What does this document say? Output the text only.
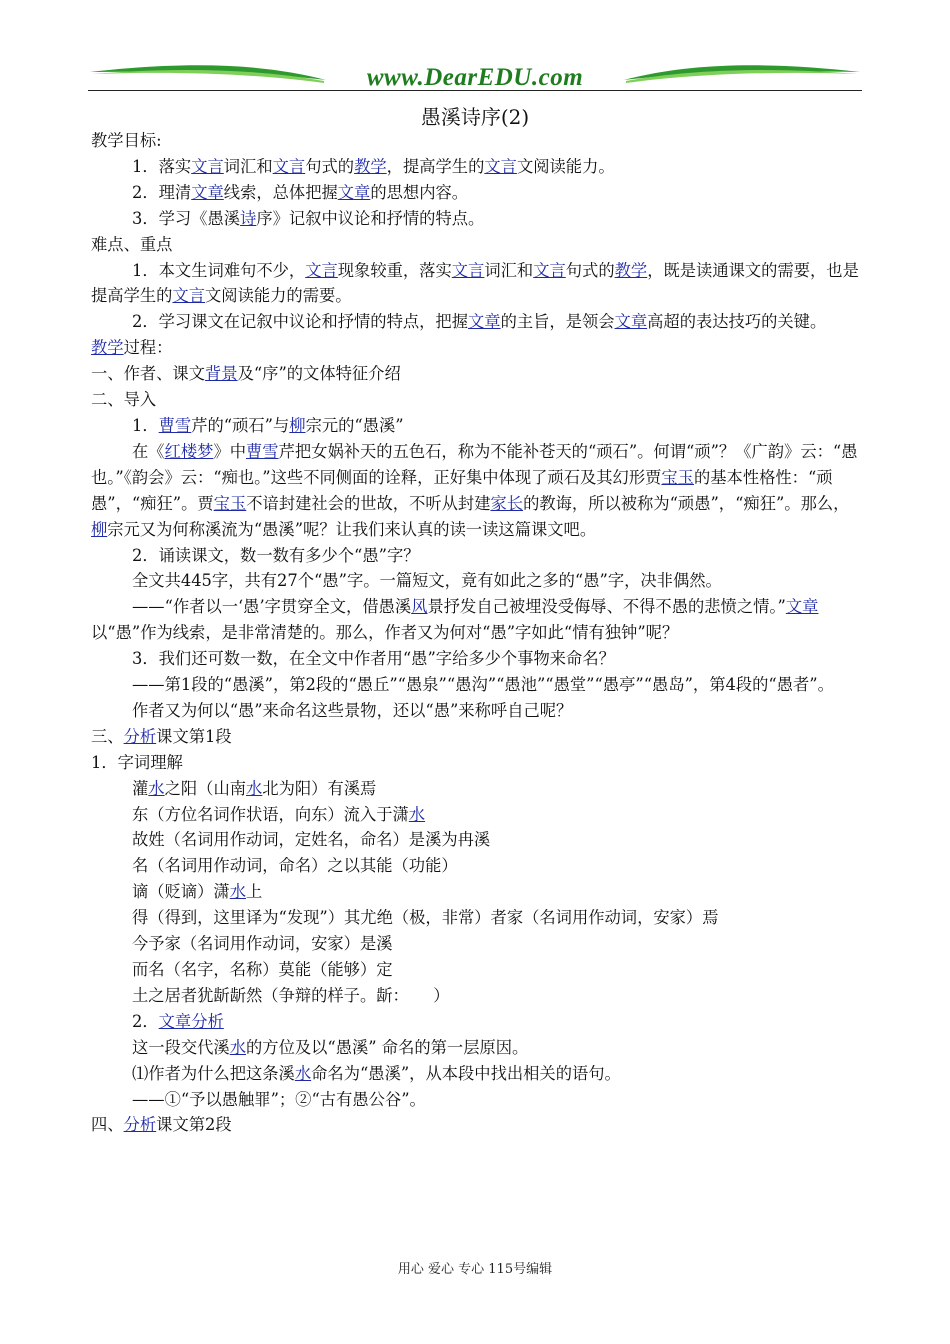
www.DearEDU.com
愚溪诗序(2)

教学目标:

1．落实文言词汇和文言句式的教学，提高学生的文言文阅读能力。

2．理清文章线索，总体把握文章的思想内容。

3．学习《愚溪诗序》记叙中议论和抒情的特点。

难点、重点

1．本文生词难句不少，文言现象较重，落实文言词汇和文言句式的教学，既是读通课文的需要，也是提高学生的文言文阅读能力的需要。

2．学习课文在记叙中议论和抒情的特点，把握文章的主旨，是领会文章高超的表达技巧的关键。

教学过程：

一、作者、课文背景及“序”的文体特征介绍

二、导入

1．曹雪芹的“顽石”与柳宗元的“愚溪”

在《红楼梦》中曹雪芹把女娲补天的五色石，称为不能补苍天的“顽石”。何谓“顽”？《广韵》云：“愚也。”《韵会》云：“痴也。”这些不同侧面的诠释，正好集中体现了顽石及其幻形贾宝玉的基本性格性：“顽愚”，“痴狂”。贾宝玉不谙封建社会的世故，不听从封建家长的教诲，所以被称为“顽愚”，“痴狂”。那么，柳宗元又为何称溪流为“愚溪”呢？让我们来认真的读一读这篇课文吧。

2．诵读课文，数一数有多少个“愚”字？

全文共445字，共有27个“愚”字。一篇短文，竟有如此之多的“愚”字，决非偶然。

——“作者以一‘愚’字贯穿全文，借愚溪风景抒发自己被埋没受侮辱、不得不愚的悲愤之情。”文章以“愚”作为线索，是非常清楚的。那么，作者又为何对“愚”字如此“情有独钟”呢？

3．我们还可数一数，在全文中作者用“愚”字给多少个事物来命名？

——第1段的“愚溪”，第2段的“愚丘”“愚泉”“愚沟”“愚池”“愚堂”“愚亭”“愚岛”，第4段的“愚者”。

作者又为何以“愚”来命名这些景物，还以“愚”来称呼自己呢？

三、分析课文第1段

1．字词理解

灌水之阳（山南水北为阳）有溪焉

东（方位名词作状语，向东）流入于潇水

故姓（名词用作动词，定姓名，命名）是溪为冉溪

名（名词用作动词，命名）之以其能（功能）

谪（贬谪）潇水上

得（得到，这里译为“发现”）其尤绝（极，非常）者家（名词用作动词，安家）焉

今予家（名词用作动词，安家）是溪

而名（名字，名称）莫能（能够）定

土之居者犹龂龂然（争辩的样子。龂：　　）

2．文章分析

这一段交代溪水的方位及以“愚溪” 命名的第一层原因。

⑴作者为什么把这条溪水命名为“愚溪”，从本段中找出相关的语句。

——①“予以愚触罪”；②“古有愚公谷”。

四、分析课文第2段

用心 爱心 专心 115号编辑
